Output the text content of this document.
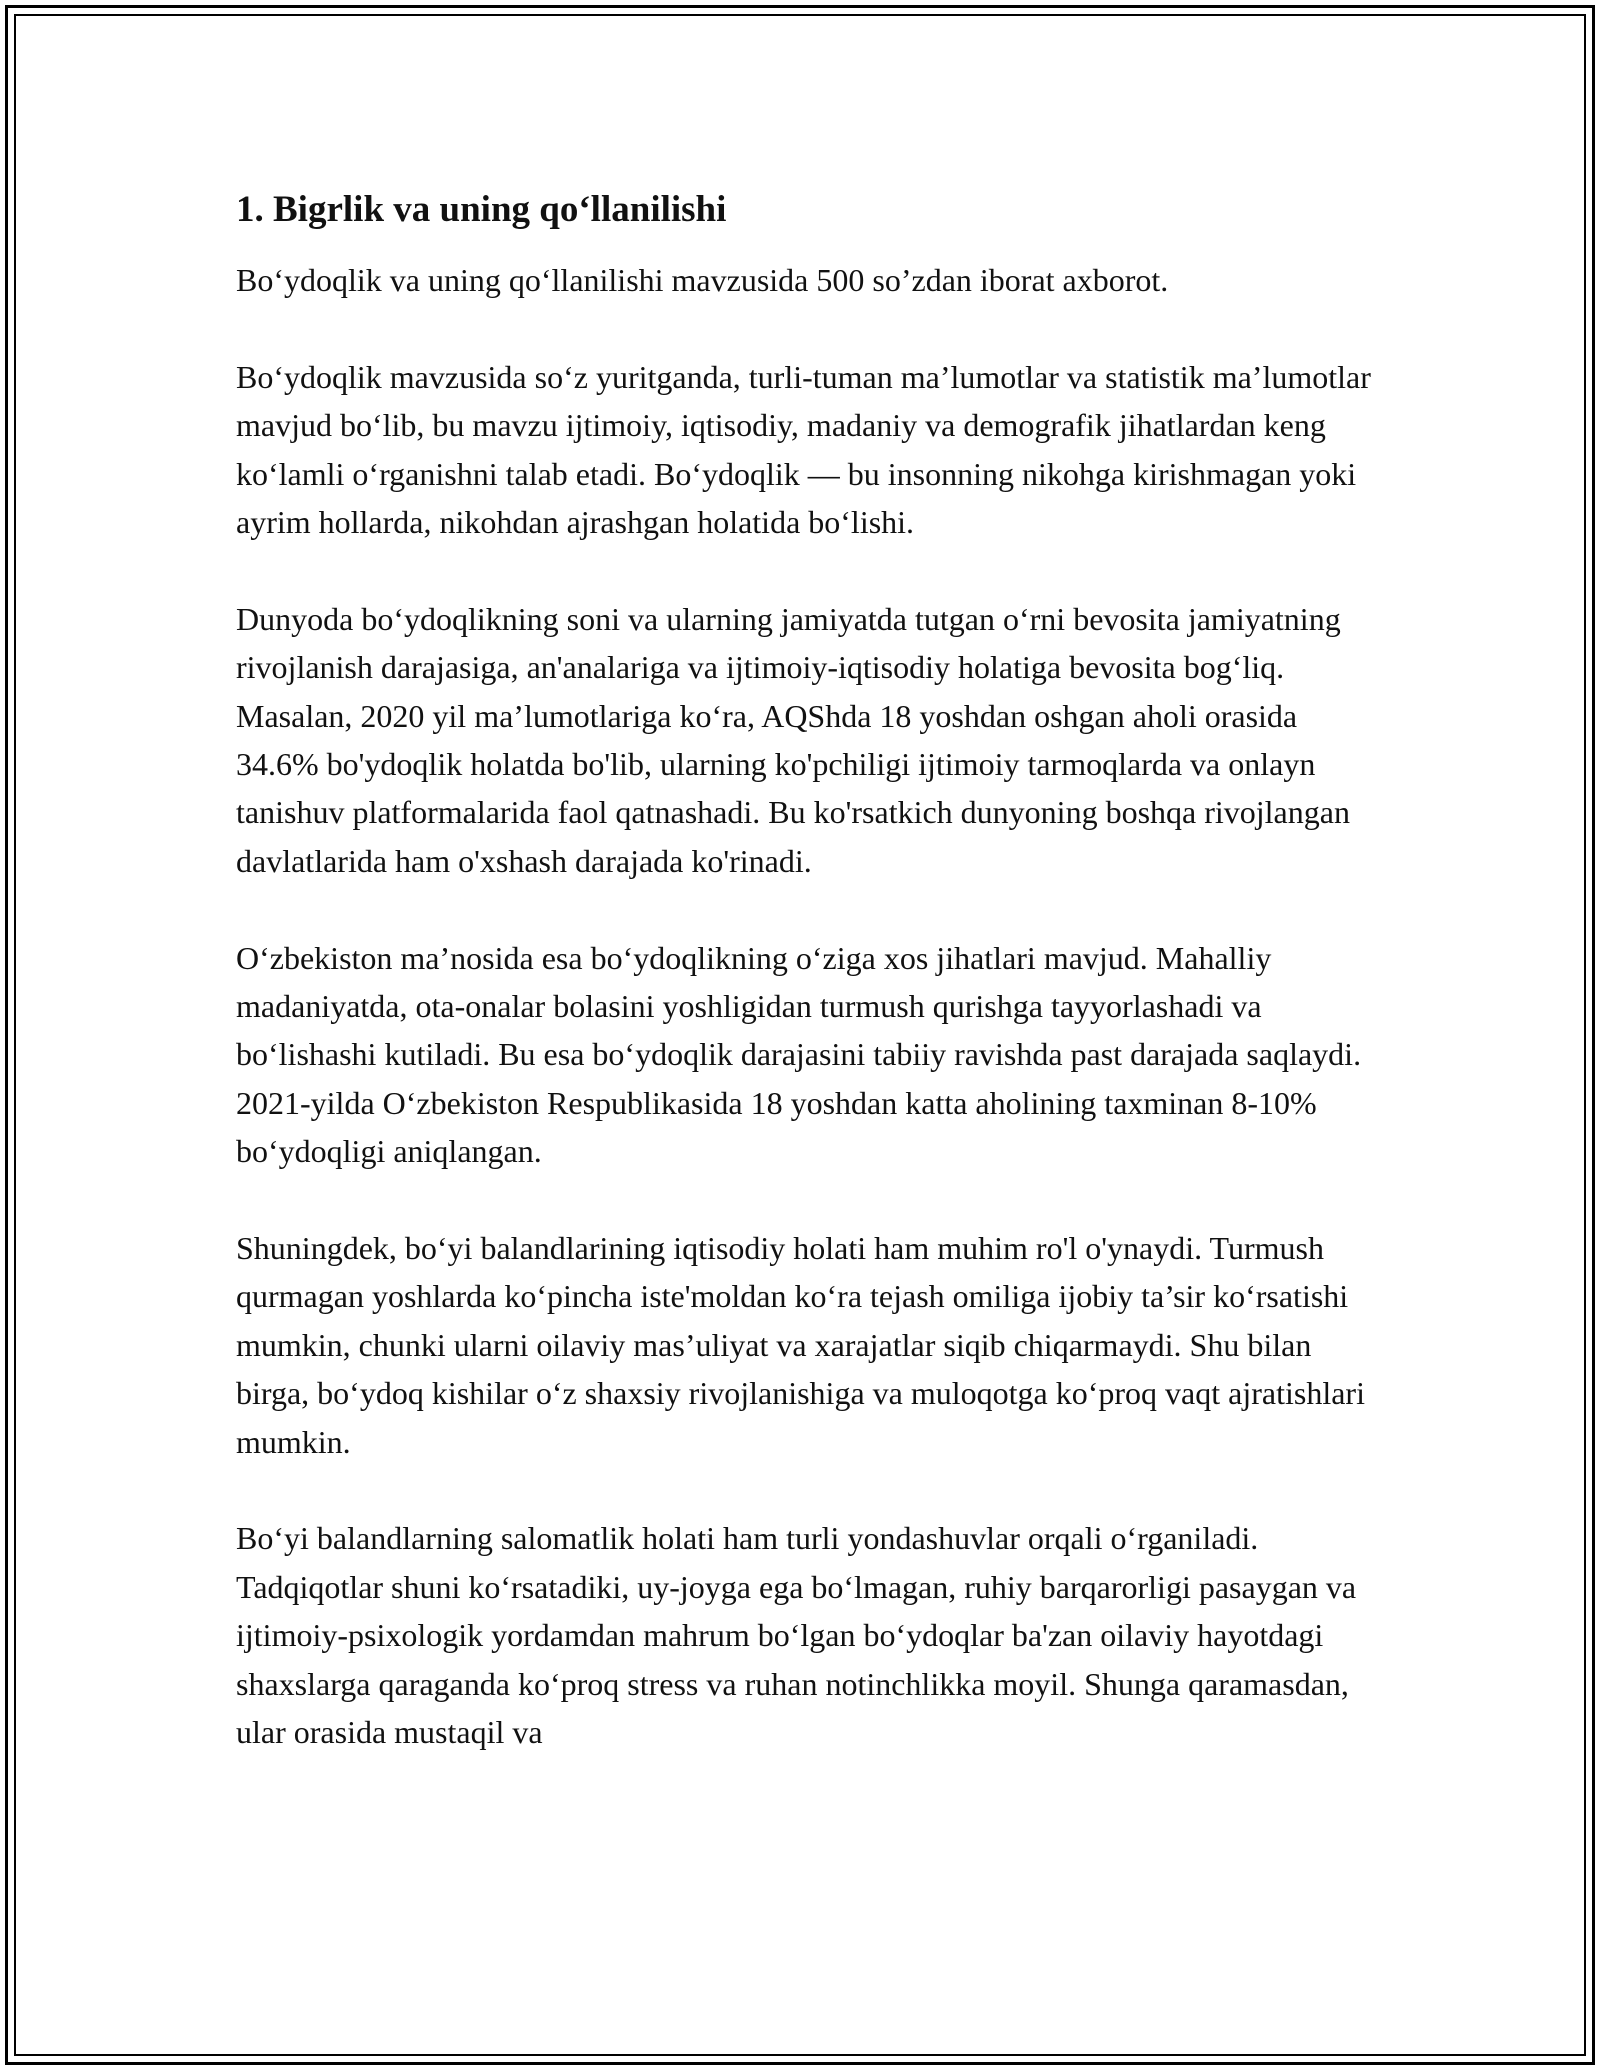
1. Bigrlik va uning qo‘llanilishi

Bo‘ydoqlik va uning qo‘llanilishi mavzusida 500 so’zdan iborat axborot.

Bo‘ydoqlik mavzusida so‘z yuritganda, turli-tuman ma’lumotlar va statistik ma’lumotlar mavjud bo‘lib, bu mavzu ijtimoiy, iqtisodiy, madaniy va demografik jihatlardan keng ko‘lamli o‘rganishni talab etadi. Bo‘ydoqlik — bu insonning nikohga kirishmagan yoki ayrim hollarda, nikohdan ajrashgan holatida bo‘lishi.

Dunyoda bo‘ydoqlikning soni va ularning jamiyatda tutgan o‘rni bevosita jamiyatning rivojlanish darajasiga, an'analariga va ijtimoiy-iqtisodiy holatiga bevosita bog‘liq. Masalan, 2020 yil ma’lumotlariga ko‘ra, AQShda 18 yoshdan oshgan aholi orasida 34.6% bo'ydoqlik holatda bo'lib, ularning ko'pchiligi ijtimoiy tarmoqlarda va onlayn tanishuv platformalarida faol qatnashadi. Bu ko'rsatkich dunyoning boshqa rivojlangan davlatlarida ham o'xshash darajada ko'rinadi.

O‘zbekiston ma’nosida esa bo‘ydoqlikning o‘ziga xos jihatlari mavjud. Mahalliy madaniyatda, ota-onalar bolasini yoshligidan turmush qurishga tayyorlashadi va bo‘lishashi kutiladi. Bu esa bo‘ydoqlik darajasini tabiiy ravishda past darajada saqlaydi. 2021-yilda O‘zbekiston Respublikasida 18 yoshdan katta aholining taxminan 8-10% bo‘ydoqligi aniqlangan.

Shuningdek, bo‘yi balandlarining iqtisodiy holati ham muhim ro'l o'ynaydi. Turmush qurmagan yoshlarda ko‘pincha iste'moldan ko‘ra tejash omiliga ijobiy ta’sir ko‘rsatishi mumkin, chunki ularni oilaviy mas’uliyat va xarajatlar siqib chiqarmaydi. Shu bilan birga, bo‘ydoq kishilar o‘z shaxsiy rivojlanishiga va muloqotga ko‘proq vaqt ajratishlari mumkin.

Bo‘yi balandlarning salomatlik holati ham turli yondashuvlar orqali o‘rganiladi. Tadqiqotlar shuni ko‘rsatadiki, uy-joyga ega bo‘lmagan, ruhiy barqarorligi pasaygan va ijtimoiy-psixologik yordamdan mahrum bo‘lgan bo‘ydoqlar ba'zan oilaviy hayotdagi shaxslarga qaraganda ko‘proq stress va ruhan notinchlikka moyil. Shunga qaramasdan, ular orasida mustaqil va
